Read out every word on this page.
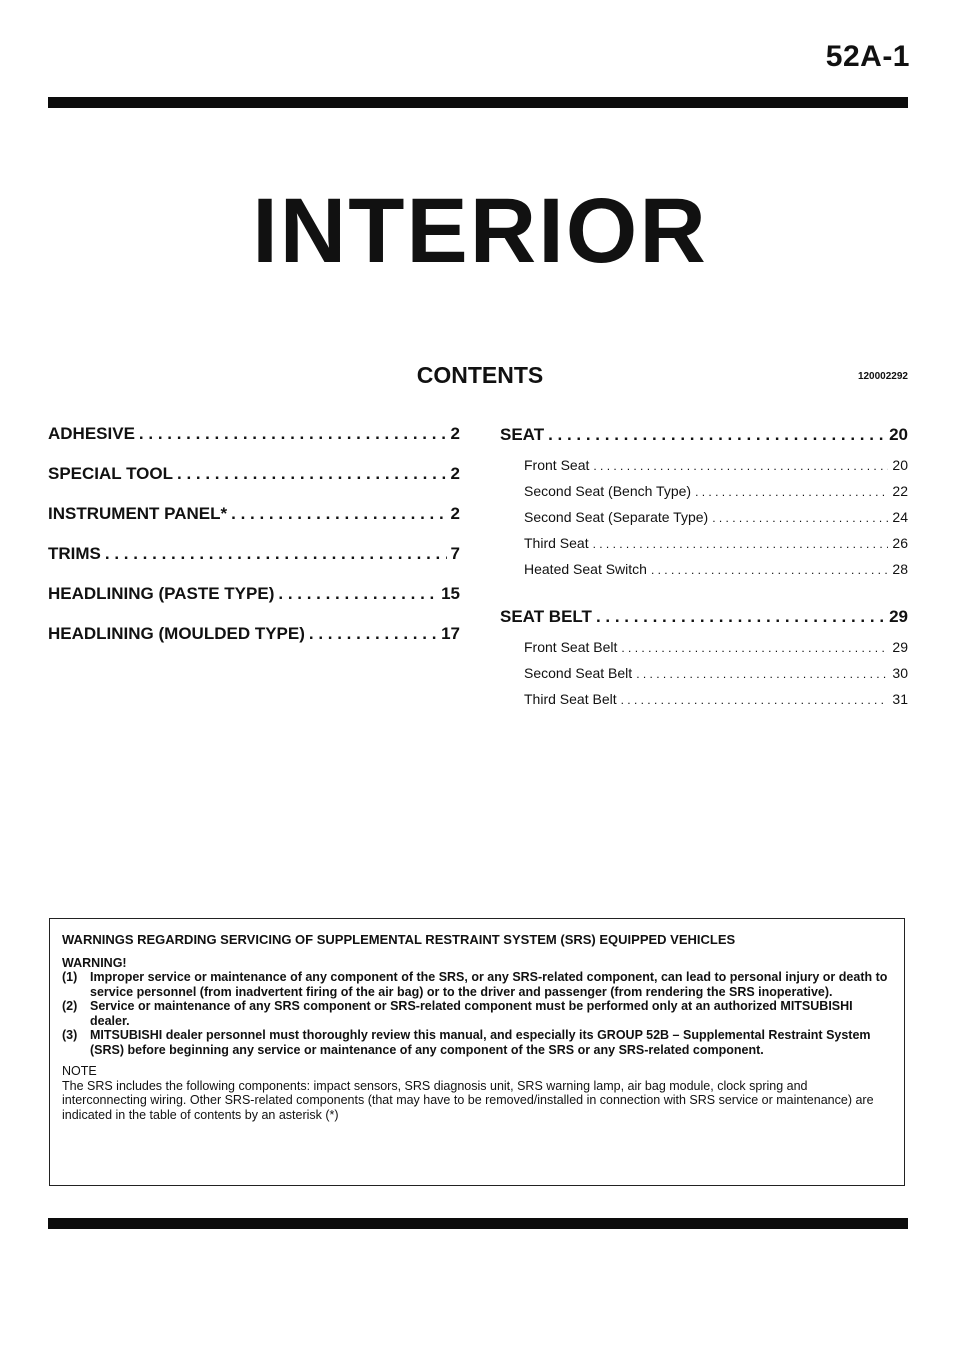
52A-1
INTERIOR
CONTENTS	120002292
ADHESIVE . . .	2
SPECIAL TOOL . . .	2
INSTRUMENT PANEL* . . .	2
TRIMS . . .	7
HEADLINING (PASTE TYPE) . . .	15
HEADLINING (MOULDED TYPE) . . .	17
SEAT . . .	20
Front Seat . . .	20
Second Seat (Bench Type) . . .	22
Second Seat (Separate Type) . . .	24
Third Seat . . .	26
Heated Seat Switch . . .	28
SEAT BELT . . .	29
Front Seat Belt . . .	29
Second Seat Belt . . .	30
Third Seat Belt . . .	31
WARNINGS REGARDING SERVICING OF SUPPLEMENTAL RESTRAINT SYSTEM (SRS) EQUIPPED VEHICLES
WARNING!
(1)	Improper service or maintenance of any component of the SRS, or any SRS-related component, can lead to personal injury or death to service personnel (from inadvertent firing of the air bag) or to the driver and passenger (from rendering the SRS inoperative).
(2)	Service or maintenance of any SRS component or SRS-related component must be performed only at an authorized MITSUBISHI dealer.
(3)	MITSUBISHI dealer personnel must thoroughly review this manual, and especially its GROUP 52B – Supplemental Restraint System (SRS) before beginning any service or maintenance of any component of the SRS or any SRS-related component.
NOTE
The SRS includes the following components: impact sensors, SRS diagnosis unit, SRS warning lamp, air bag module, clock spring and interconnecting wiring. Other SRS-related components (that may have to be removed/installed in connection with SRS service or maintenance) are indicated in the table of contents by an asterisk (*)
